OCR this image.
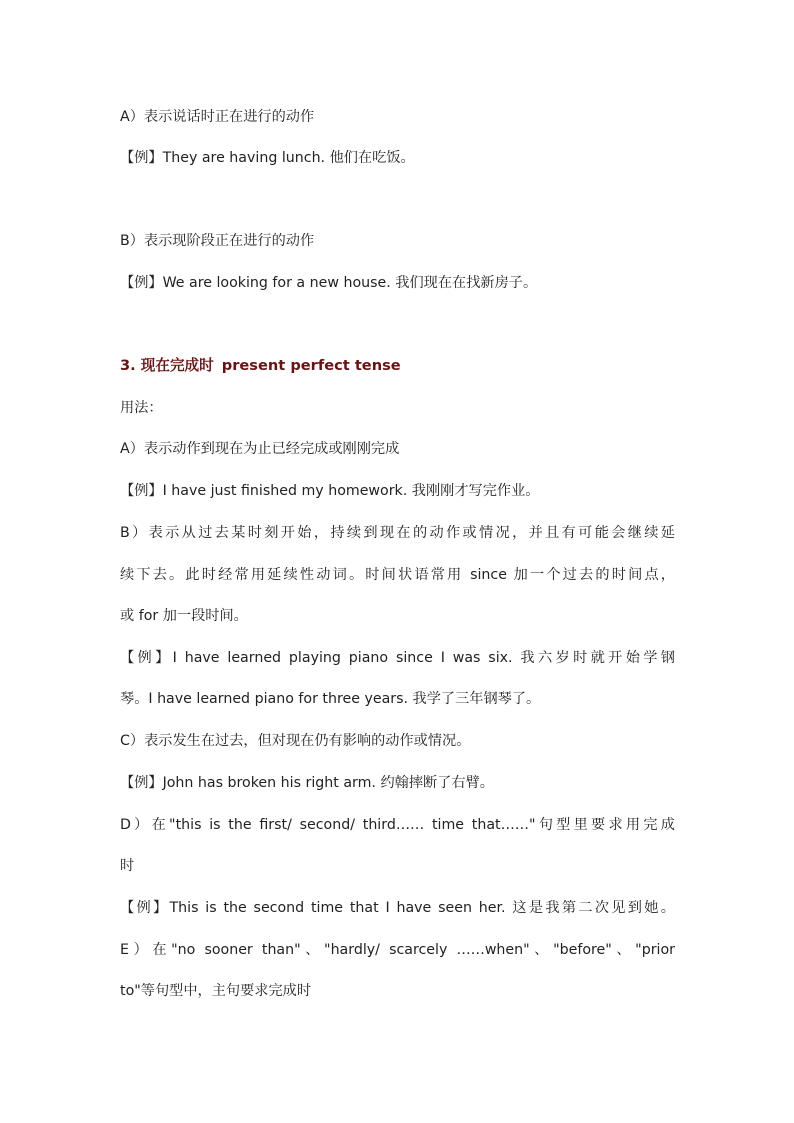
A）表示说话时正在进行的动作
【例】They are having lunch. 他们在吃饭。
B）表示现阶段正在进行的动作
【例】We are looking for a new house. 我们现在在找新房子。
3. 现在完成时 present perfect tense
用法：
A）表示动作到现在为止已经完成或刚刚完成
【例】I have just finished my homework. 我刚刚才写完作业。
B）表示从过去某时刻开始，持续到现在的动作或情况，并且有可能会继续延
续下去。此时经常用延续性动词。时间状语常用 since 加一个过去的时间点，
或 for 加一段时间。
【例】I have learned playing piano since I was six. 我六岁时就开始学钢
琴。I have learned piano for three years. 我学了三年钢琴了。
C）表示发生在过去，但对现在仍有影响的动作或情况。
【例】John has broken his right arm. 约翰摔断了右臂。
D）在"this is the first/ second/ third…… time that……"句型里要求用完成
时
【例】This is the second time that I have seen her. 这是我第二次见到她。
E）在"no sooner than"、"hardly/ scarcely ……when"、"before"、"prior
to"等句型中，主句要求完成时
